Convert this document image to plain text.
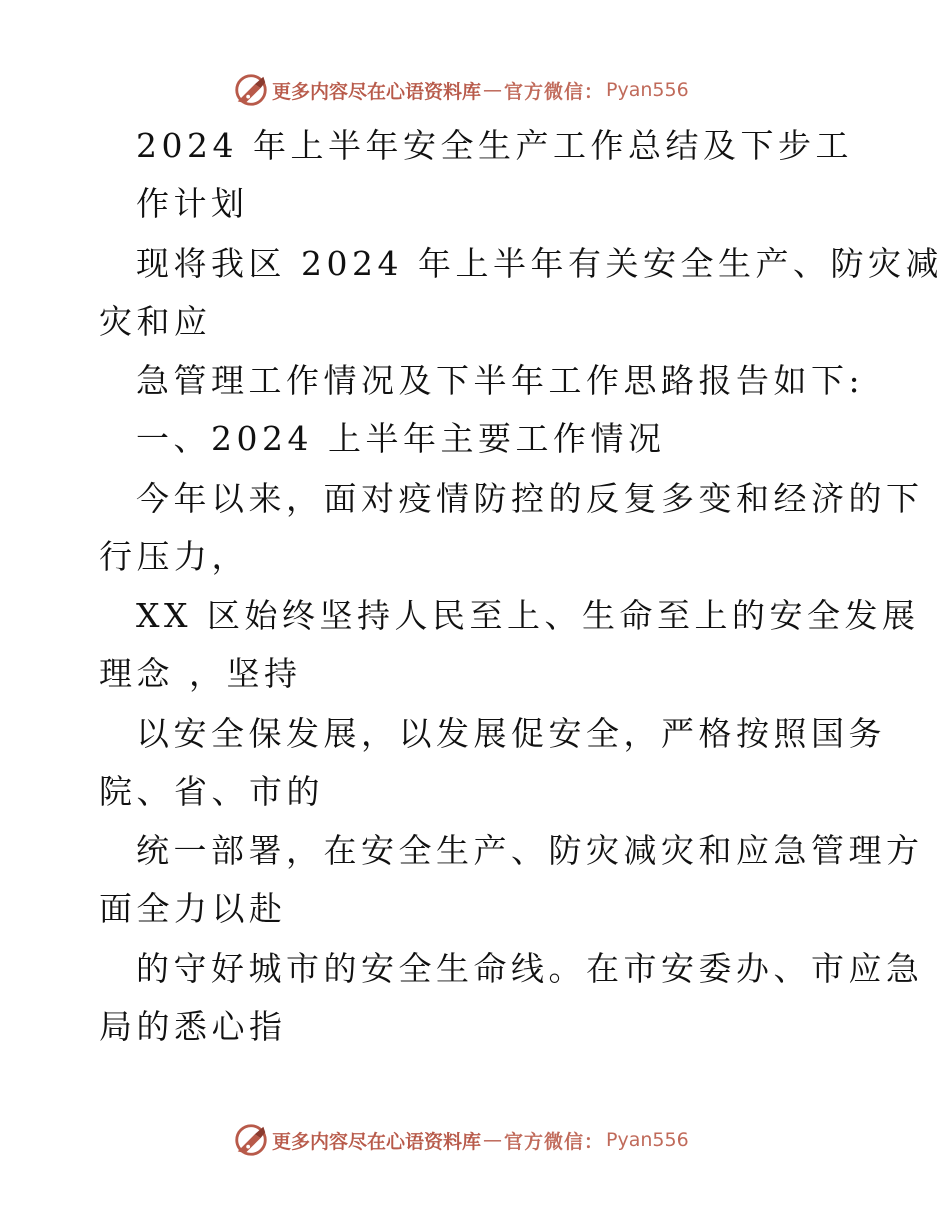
更多内容尽在心语资料库 — 官方微信： Pyan556
2024 年上半年安全生产工作总结及下步工
作计划
现将我区 2024 年上半年有关安全生产、防灾减
灾和应
急管理工作情况及下半年工作思路报告如下:
一、2024 上半年主要工作情况
今年以来，面对疫情防控的反复多变和经济的下
行压力，
XX 区始终坚持人民至上、生命至上的安全发展
理念 ，坚持
以安全保发展，以发展促安全，严格按照国务
院、省、市的
统一部署，在安全生产、防灾减灾和应急管理方
面全力以赴
的守好城市的安全生命线。在市安委办、市应急
局的悉心指
更多内容尽在心语资料库 — 官方微信： Pyan556
